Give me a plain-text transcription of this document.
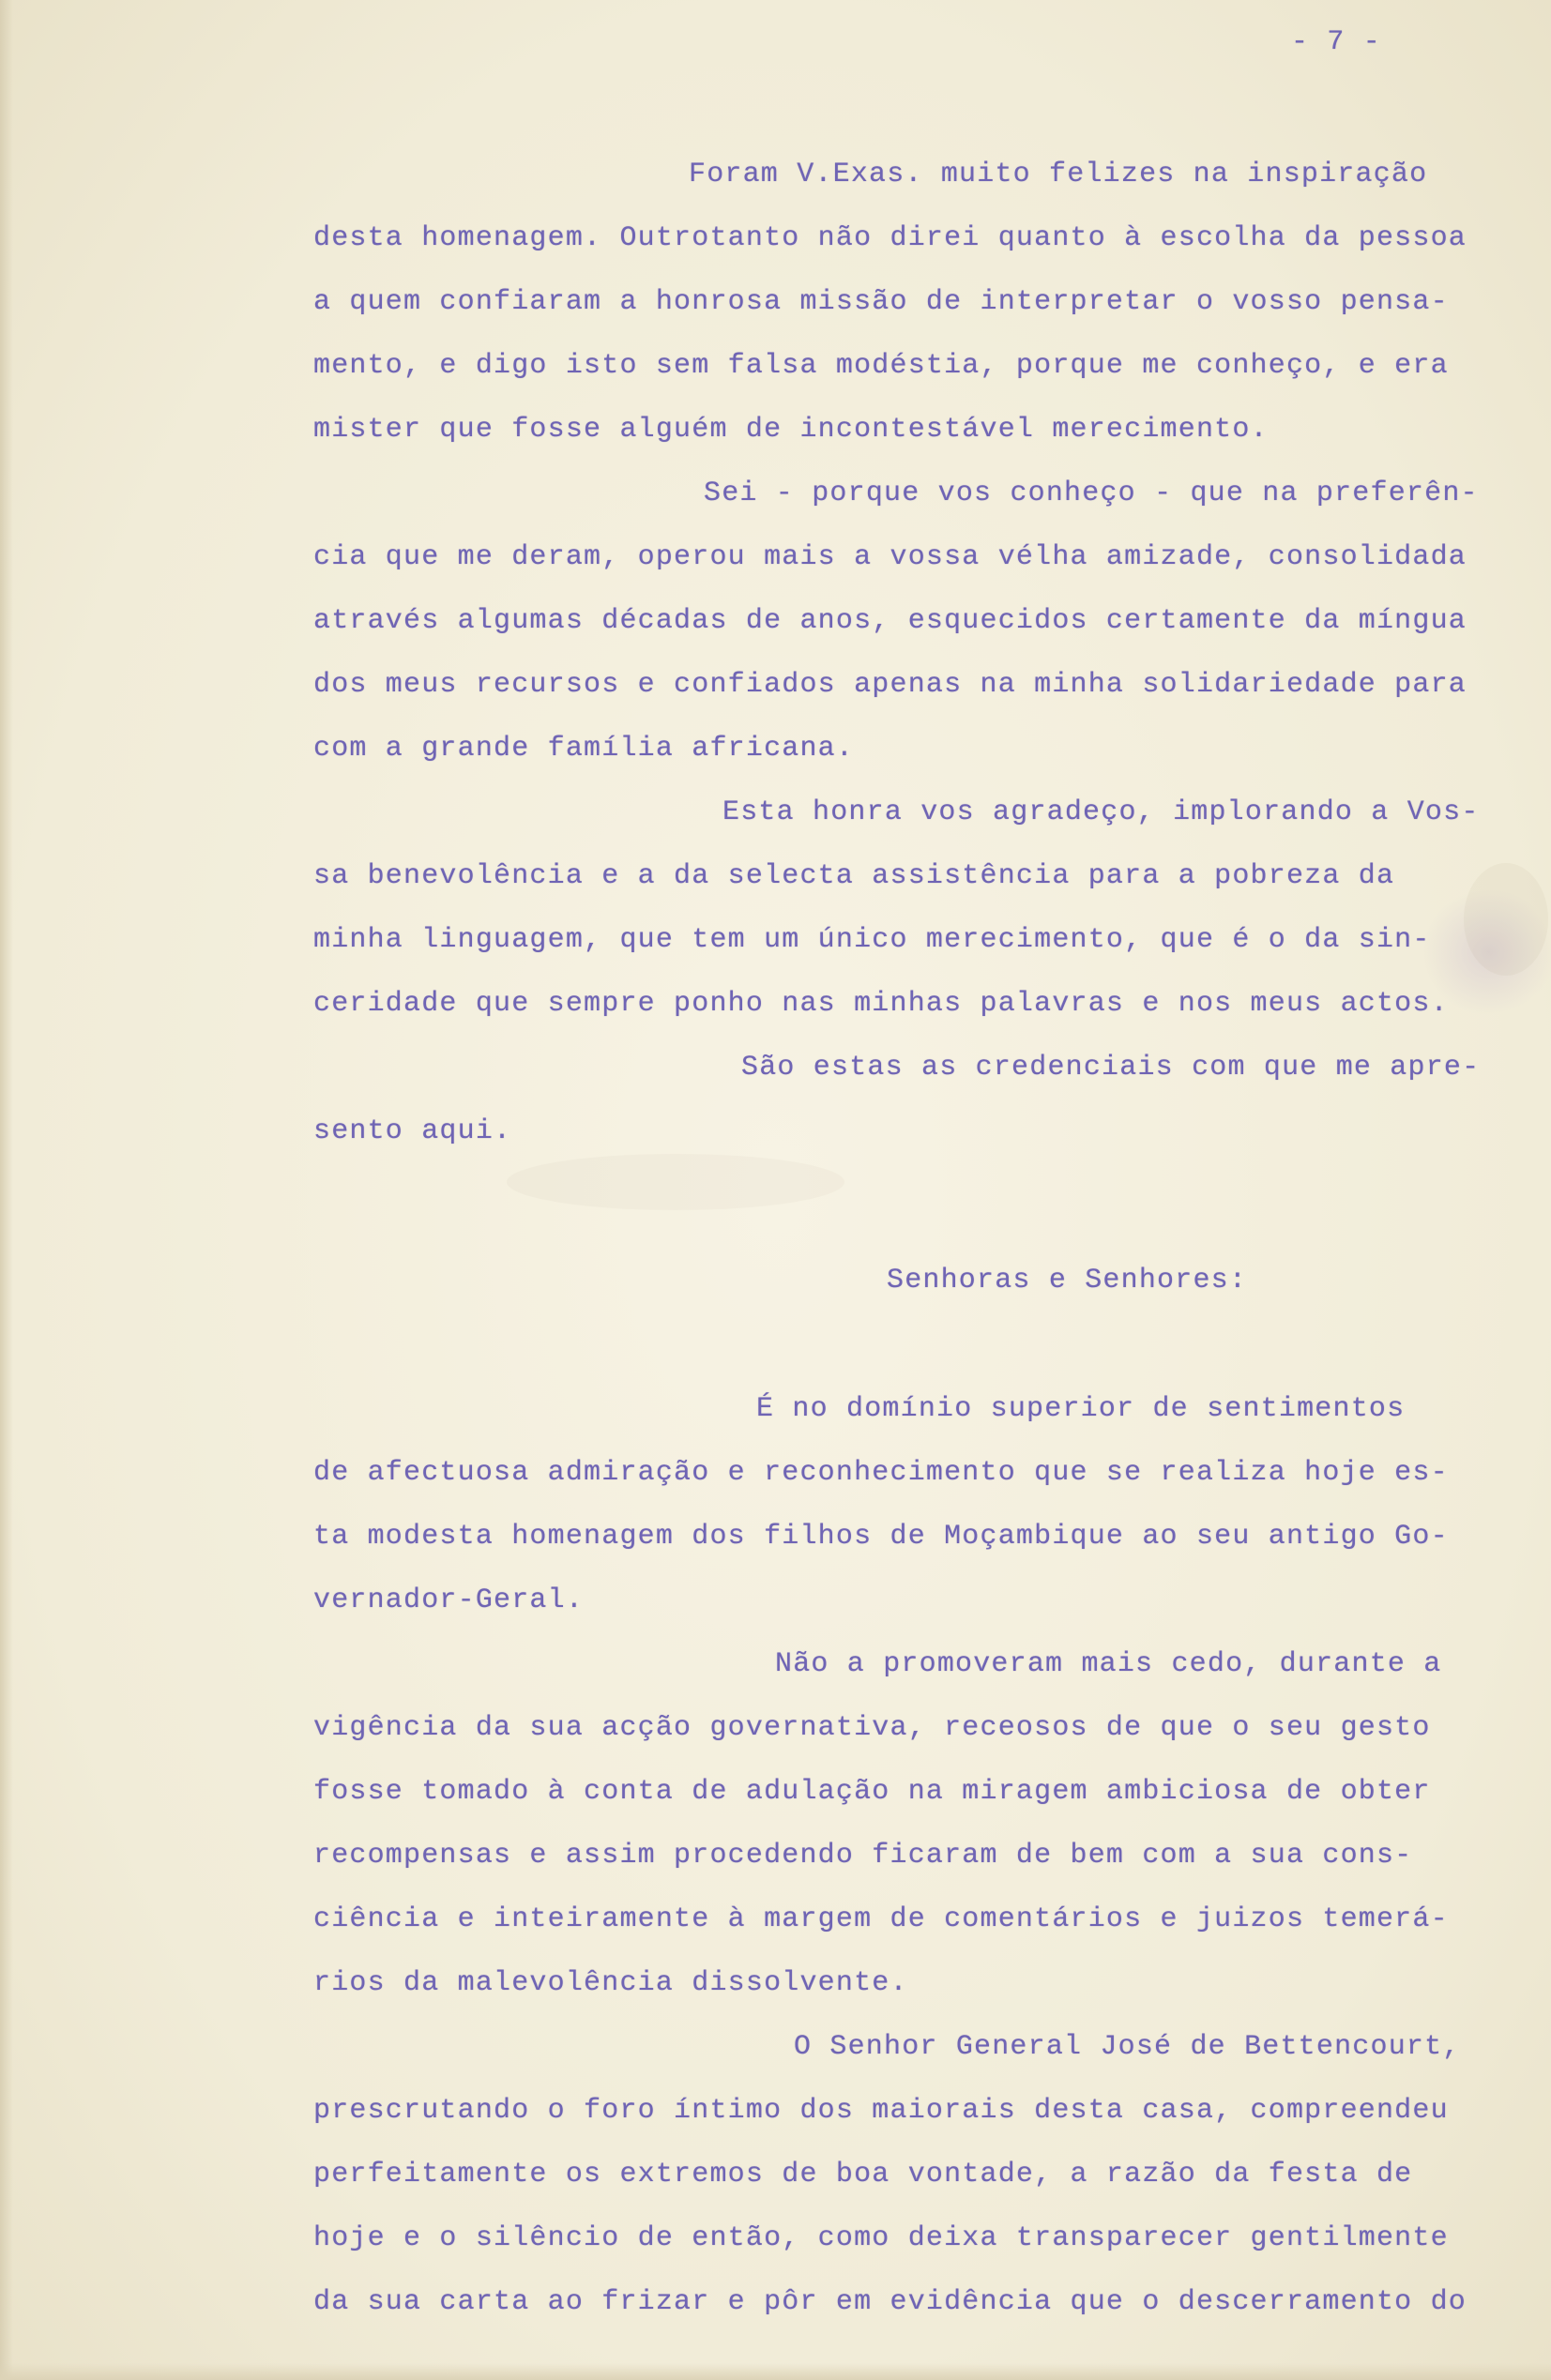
- 7 -
Foram V.Exas. muito felizes na inspiração
desta homenagem. Outrotanto não direi quanto à escolha da pessoa
a quem confiaram a honrosa missão de interpretar o vosso pensa-
mento, e digo isto sem falsa modéstia, porque me conheço, e era
mister que fosse alguém de incontestável merecimento.
Sei - porque vos conheço - que na preferên-
cia que me deram, operou mais a vossa vélha amizade, consolidada
através algumas décadas de anos, esquecidos certamente da míngua
dos meus recursos e confiados apenas na minha solidariedade para
com a grande família africana.
Esta honra vos agradeço, implorando a Vos-
sa benevolência e a da selecta assistência para a pobreza da
minha linguagem, que tem um único merecimento, que é o da sin-
ceridade que sempre ponho nas minhas palavras e nos meus actos.
São estas as credenciais com que me apre-
sento aqui.
Senhoras e Senhores:
É no domínio superior de sentimentos
de afectuosa admiração e reconhecimento que se realiza hoje es-
ta modesta homenagem dos filhos de Moçambique ao seu antigo Go-
vernador-Geral.
Não a promoveram mais cedo, durante a
vigência da sua acção governativa, receosos de que o seu gesto
fosse tomado à conta de adulação na miragem ambiciosa de obter
recompensas e assim procedendo ficaram de bem com a sua cons-
ciência e inteiramente à margem de comentários e juizos temerá-
rios da malevolência dissolvente.
O Senhor General José de Bettencourt,
prescrutando o foro íntimo dos maiorais desta casa, compreendeu
perfeitamente os extremos de boa vontade, a razão da festa de
hoje e o silêncio de então, como deixa transparecer gentilmente
da sua carta ao frizar e pôr em evidência que o descerramento do
